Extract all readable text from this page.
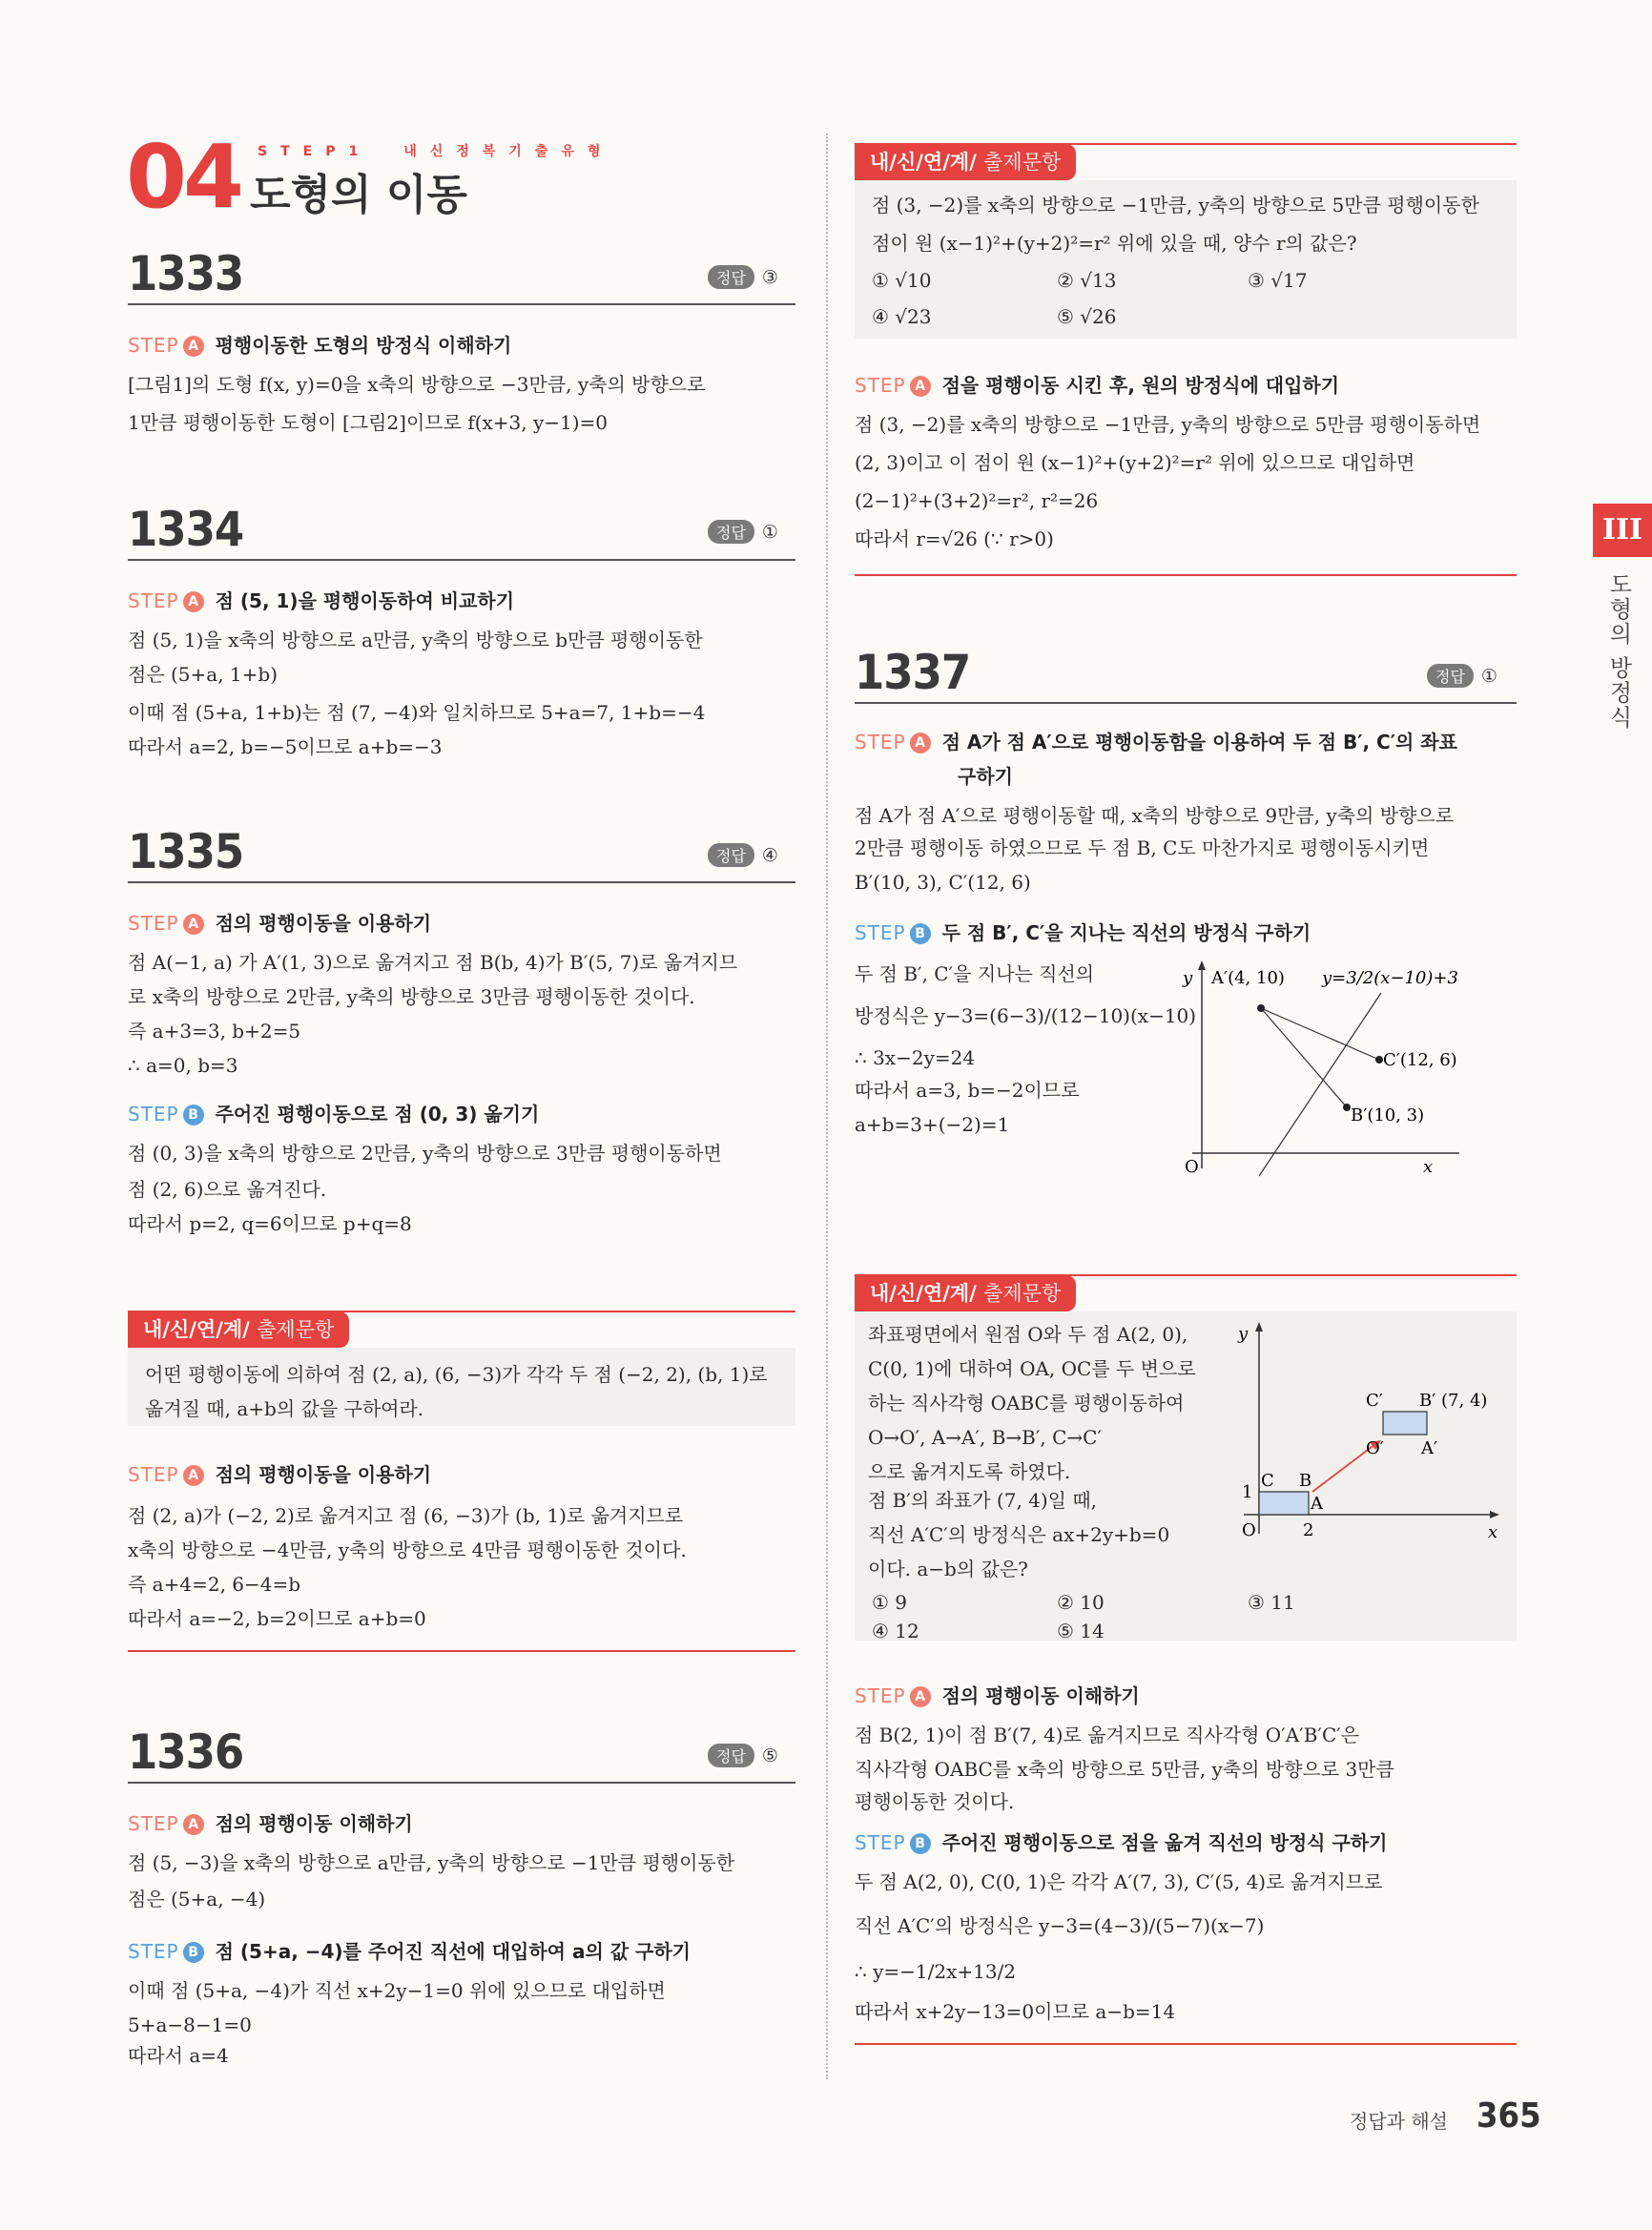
04 STEP1 내신정복기출유형
도형의 이동
1333	정답 ③
STEP A 평행이동한 도형의 방정식 이해하기
[그림1]의 도형 f(x, y)=0을 x축의 방향으로 −3만큼, y축의 방향으로
1만큼 평행이동한 도형이 [그림2]이므로 f(x+3, y−1)=0
1334	정답 ①
STEP A 점 (5, 1)을 평행이동하여 비교하기
점 (5, 1)을 x축의 방향으로 a만큼, y축의 방향으로 b만큼 평행이동한
점은 (5+a, 1+b)
이때 점 (5+a, 1+b)는 점 (7, −4)와 일치하므로 5+a=7, 1+b=−4
따라서 a=2, b=−5이므로 a+b=−3
1335	정답 ④
STEP A 점의 평행이동을 이용하기
점 A(−1, a) 가 A′(1, 3)으로 옮겨지고 점 B(b, 4)가 B′(5, 7)로 옮겨지므
로 x축의 방향으로 2만큼, y축의 방향으로 3만큼 평행이동한 것이다.
즉 a+3=3, b+2=5
∴ a=0, b=3
STEP B 주어진 평행이동으로 점 (0, 3) 옮기기
점 (0, 3)을 x축의 방향으로 2만큼, y축의 방향으로 3만큼 평행이동하면
점 (2, 6)으로 옮겨진다.
따라서 p=2, q=6이므로 p+q=8
내/신/연/계/ 출제문항
어떤 평행이동에 의하여 점 (2, a), (6, −3)가 각각 두 점 (−2, 2), (b, 1)로
옮겨질 때, a+b의 값을 구하여라.
STEP A 점의 평행이동을 이용하기
점 (2, a)가 (−2, 2)로 옮겨지고 점 (6, −3)가 (b, 1)로 옮겨지므로
x축의 방향으로 −4만큼, y축의 방향으로 4만큼 평행이동한 것이다.
즉 a+4=2, 6−4=b
따라서 a=−2, b=2이므로 a+b=0
1336	정답 ⑤
STEP A 점의 평행이동 이해하기
점 (5, −3)을 x축의 방향으로 a만큼, y축의 방향으로 −1만큼 평행이동한
점은 (5+a, −4)
STEP B 점 (5+a, −4)를 주어진 직선에 대입하여 a의 값 구하기
이때 점 (5+a, −4)가 직선 x+2y−1=0 위에 있으므로 대입하면
5+a−8−1=0
따라서 a=4
내/신/연/계/ 출제문항
점 (3, −2)를 x축의 방향으로 −1만큼, y축의 방향으로 5만큼 평행이동한
점이 원 (x−1)²+(y+2)²=r² 위에 있을 때, 양수 r의 값은?
① √10	② √13	③ √17
④ √23	⑤ √26
STEP A 점을 평행이동 시킨 후, 원의 방정식에 대입하기
점 (3, −2)를 x축의 방향으로 −1만큼, y축의 방향으로 5만큼 평행이동하면
(2, 3)이고 이 점이 원 (x−1)²+(y+2)²=r² 위에 있으므로 대입하면
(2−1)²+(3+2)²=r², r²=26
따라서 r=√26 (∵ r>0)
1337	정답 ①
STEP A 점 A가 점 A′으로 평행이동함을 이용하여 두 점 B′, C′의 좌표
구하기
점 A가 점 A′으로 평행이동할 때, x축의 방향으로 9만큼, y축의 방향으로
2만큼 평행이동 하였으므로 두 점 B, C도 마찬가지로 평행이동시키면
B′(10, 3), C′(12, 6)
STEP B 두 점 B′, C′을 지나는 직선의 방정식 구하기
두 점 B′, C′을 지나는 직선의
방정식은 y−3=(6−3)/(12−10)(x−10)
∴ 3x−2y=24
따라서 a=3, b=−2이므로
a+b=3+(−2)=1
y A′(4, 10) y=3/2(x−10)+3
C′(12, 6)
B′(10, 3)
O	x
내/신/연/계/ 출제문항
좌표평면에서 원점 O와 두 점 A(2, 0),
C(0, 1)에 대하여 OA, OC를 두 변으로
하는 직사각형 OABC를 평행이동하여
O→O′, A→A′, B→B′, C→C′
으로 옮겨지도록 하였다.
점 B′의 좌표가 (7, 4)일 때,
직선 A′C′의 방정식은 ax+2y+b=0
이다. a−b의 값은?
① 9	② 10	③ 11
④ 12	⑤ 14
y
x
O
1
2
C B
A
C′ B′ (7, 4)
O′ A′
STEP A 점의 평행이동 이해하기
점 B(2, 1)이 점 B′(7, 4)로 옮겨지므로 직사각형 O′A′B′C′은
직사각형 OABC를 x축의 방향으로 5만큼, y축의 방향으로 3만큼
평행이동한 것이다.
STEP B 주어진 평행이동으로 점을 옮겨 직선의 방정식 구하기
두 점 A(2, 0), C(0, 1)은 각각 A′(7, 3), C′(5, 4)로 옮겨지므로
직선 A′C′의 방정식은 y−3=(4−3)/(5−7)(x−7)
∴ y=−1/2x+13/2
따라서 x+2y−13=0이므로 a−b=14
III
도형의 방정식
정답과 해설 365
